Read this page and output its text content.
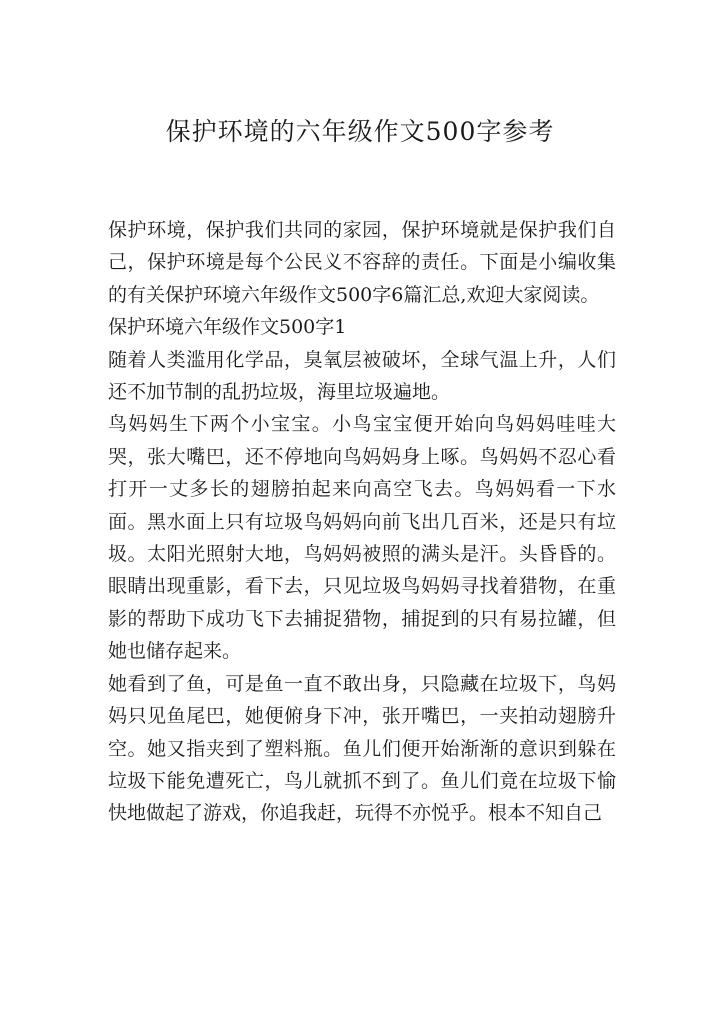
保护环境的六年级作文500字参考

保护环境，保护我们共同的家园，保护环境就是保护我们自己，保护环境是每个公民义不容辞的责任。下面是小编收集的有关保护环境六年级作文500字6篇汇总,欢迎大家阅读。

保护环境六年级作文500字1

随着人类滥用化学品，臭氧层被破坏，全球气温上升，人们还不加节制的乱扔垃圾，海里垃圾遍地。

鸟妈妈生下两个小宝宝。小鸟宝宝便开始向鸟妈妈哇哇大哭，张大嘴巴，还不停地向鸟妈妈身上啄。鸟妈妈不忍心看打开一丈多长的翅膀拍起来向高空飞去。鸟妈妈看一下水面。黑水面上只有垃圾鸟妈妈向前飞出几百米，还是只有垃圾。太阳光照射大地，鸟妈妈被照的满头是汗。头昏昏的。眼睛出现重影，看下去，只见垃圾鸟妈妈寻找着猎物，在重影的帮助下成功飞下去捕捉猎物，捕捉到的只有易拉罐，但她也储存起来。

她看到了鱼，可是鱼一直不敢出身，只隐藏在垃圾下，鸟妈妈只见鱼尾巴，她便俯身下冲，张开嘴巴，一夹拍动翅膀升空。她又指夹到了塑料瓶。鱼儿们便开始渐渐的意识到躲在垃圾下能免遭死亡，鸟儿就抓不到了。鱼儿们竟在垃圾下愉快地做起了游戏，你追我赶，玩得不亦悦乎。根本不知自己
